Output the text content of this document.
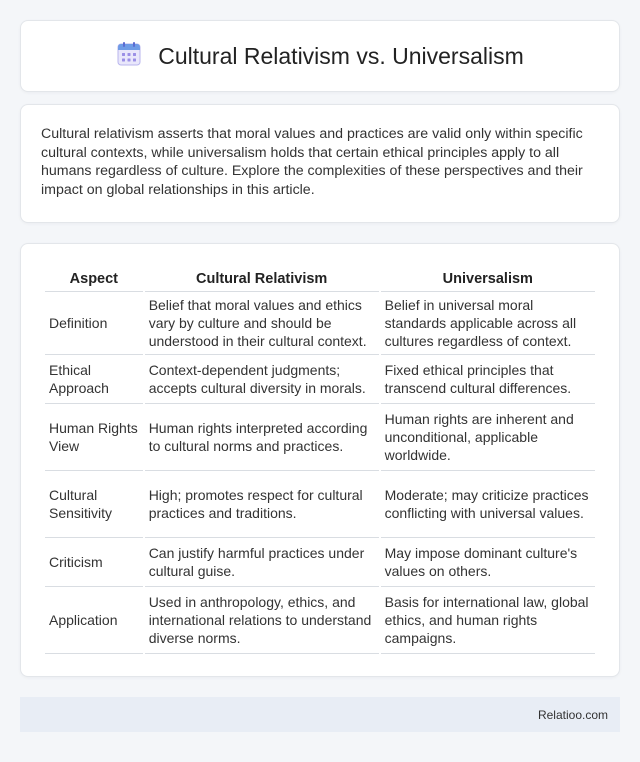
Cultural Relativism vs. Universalism

Cultural relativism asserts that moral values and practices are valid only within specific cultural contexts, while universalism holds that certain ethical principles apply to all humans regardless of culture. Explore the complexities of these perspectives and their impact on global relationships in this article.

Aspect	Cultural Relativism	Universalism
Definition	Belief that moral values and ethics vary by culture and should be understood in their cultural context.	Belief in universal moral standards applicable across all cultures regardless of context.
Ethical Approach	Context-dependent judgments; accepts cultural diversity in morals.	Fixed ethical principles that transcend cultural differences.
Human Rights View	Human rights interpreted according to cultural norms and practices.	Human rights are inherent and unconditional, applicable worldwide.
Cultural Sensitivity	High; promotes respect for cultural practices and traditions.	Moderate; may criticize practices conflicting with universal values.
Criticism	Can justify harmful practices under cultural guise.	May impose dominant culture's values on others.
Application	Used in anthropology, ethics, and international relations to understand diverse norms.	Basis for international law, global ethics, and human rights campaigns.
Relatioo.com
